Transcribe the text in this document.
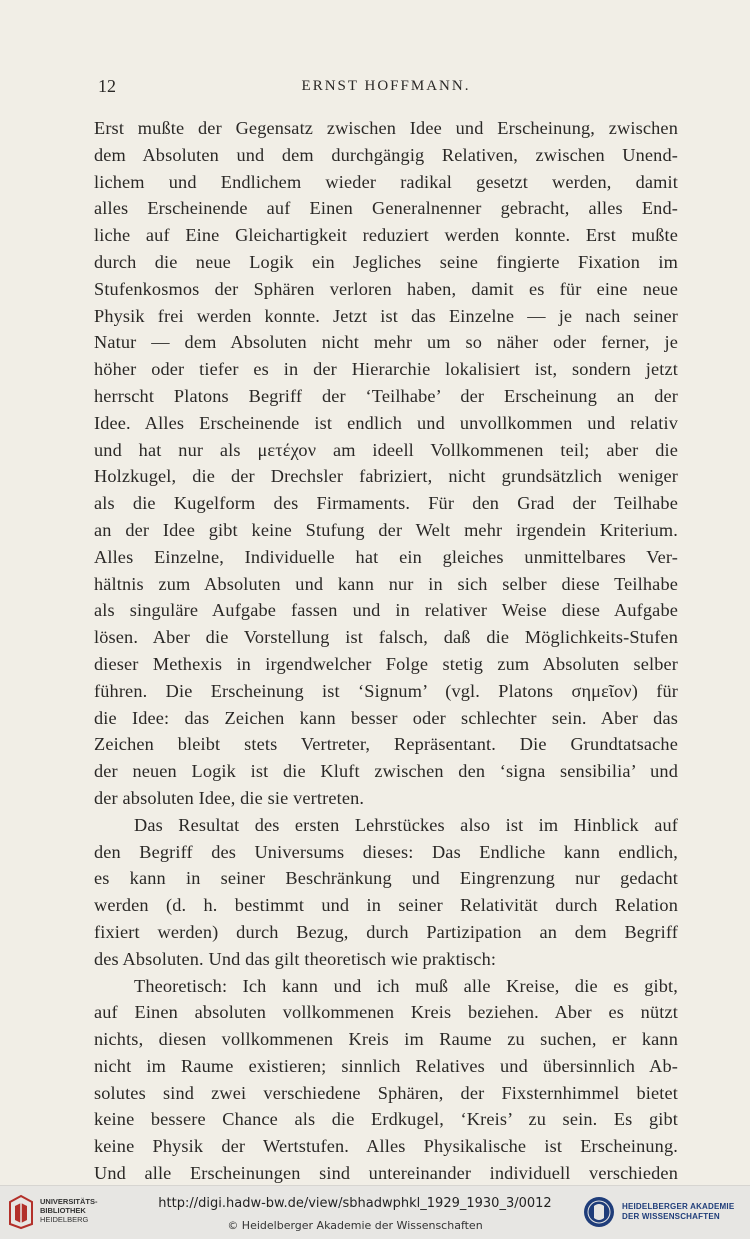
12	ERNST HOFFMANN.
Erst mußte der Gegensatz zwischen Idee und Erscheinung, zwischen
dem Absoluten und dem durchgängig Relativen, zwischen Unend-
lichem und Endlichem wieder radikal gesetzt werden, damit
alles Erscheinende auf Einen Generalnenner gebracht, alles End-
liche auf Eine Gleichartigkeit reduziert werden konnte. Erst mußte
durch die neue Logik ein Jegliches seine fingierte Fixation im
Stufenkosmos der Sphären verloren haben, damit es für eine neue
Physik frei werden konnte. Jetzt ist das Einzelne — je nach seiner
Natur — dem Absoluten nicht mehr um so näher oder ferner, je
höher oder tiefer es in der Hierarchie lokalisiert ist, sondern jetzt
herrscht Platons Begriff der ‘Teilhabe’ der Erscheinung an der
Idee. Alles Erscheinende ist endlich und unvollkommen und relativ
und hat nur als μετέχον am ideell Vollkommenen teil; aber die
Holzkugel, die der Drechsler fabriziert, nicht grundsätzlich weniger
als die Kugelform des Firmaments. Für den Grad der Teilhabe
an der Idee gibt keine Stufung der Welt mehr irgendein Kriterium.
Alles Einzelne, Individuelle hat ein gleiches unmittelbares Ver-
hältnis zum Absoluten und kann nur in sich selber diese Teilhabe
als singuläre Aufgabe fassen und in relativer Weise diese Aufgabe
lösen. Aber die Vorstellung ist falsch, daß die Möglichkeits-Stufen
dieser Methexis in irgendwelcher Folge stetig zum Absoluten selber
führen. Die Erscheinung ist ‘Signum’ (vgl. Platons σημεῖον) für
die Idee: das Zeichen kann besser oder schlechter sein. Aber das
Zeichen bleibt stets Vertreter, Repräsentant. Die Grundtatsache
der neuen Logik ist die Kluft zwischen den ‘signa sensibilia’ und
der absoluten Idee, die sie vertreten.
Das Resultat des ersten Lehrstückes also ist im Hinblick auf
den Begriff des Universums dieses: Das Endliche kann endlich,
es kann in seiner Beschränkung und Eingrenzung nur gedacht
werden (d. h. bestimmt und in seiner Relativität durch Relation
fixiert werden) durch Bezug, durch Partizipation an dem Begriff
des Absoluten. Und das gilt theoretisch wie praktisch:
Theoretisch: Ich kann und ich muß alle Kreise, die es gibt,
auf Einen absoluten vollkommenen Kreis beziehen. Aber es nützt
nichts, diesen vollkommenen Kreis im Raume zu suchen, er kann
nicht im Raume existieren; sinnlich Relatives und übersinnlich Ab-
solutes sind zwei verschiedene Sphären, der Fixsternhimmel bietet
keine bessere Chance als die Erdkugel, ‘Kreis’ zu sein. Es gibt
keine Physik der Wertstufen. Alles Physikalische ist Erscheinung.
Und alle Erscheinungen sind untereinander individuell verschieden
UNIVERSITÄTS-
BIBLIOTHEK
HEIDELBERG
http://digi.hadw-bw.de/view/sbhadwphkl_1929_1930_3/0012
© Heidelberger Akademie der Wissenschaften
HEIDELBERGER AKADEMIE
DER WISSENSCHAFTEN
